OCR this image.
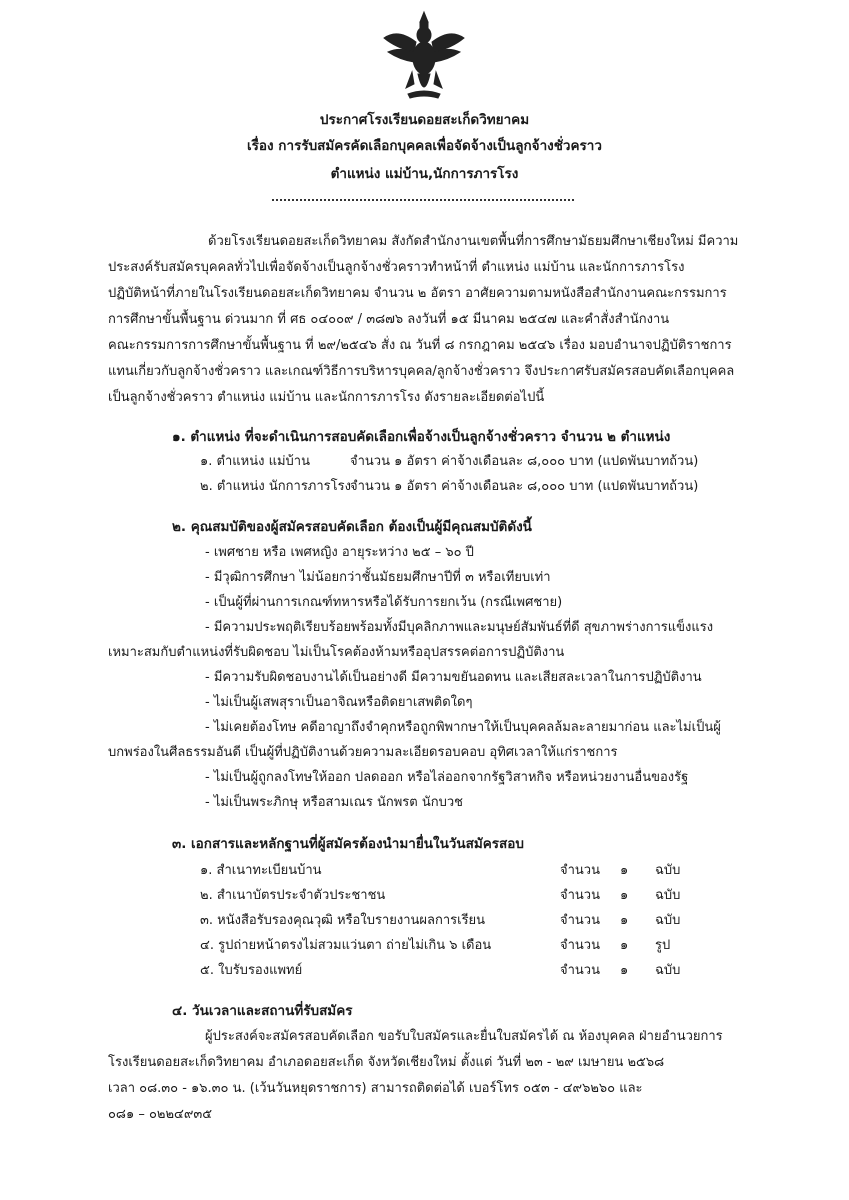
ประกาศโรงเรียนดอยสะเก็ดวิทยาคม
เรื่อง การรับสมัครคัดเลือกบุคคลเพื่อจัดจ้างเป็นลูกจ้างชั่วคราว
ตำแหน่ง แม่บ้าน,นักการภารโรง
ด้วยโรงเรียนดอยสะเก็ดวิทยาคม สังกัดสำนักงานเขตพื้นที่การศึกษามัธยมศึกษาเชียงใหม่ มีความ
ประสงค์รับสมัครบุคคลทั่วไปเพื่อจัดจ้างเป็นลูกจ้างชั่วคราวทำหน้าที่ ตำแหน่ง แม่บ้าน และนักการภารโรง
ปฏิบัติหน้าที่ภายในโรงเรียนดอยสะเก็ดวิทยาคม จำนวน ๒ อัตรา อาศัยความตามหนังสือสำนักงานคณะกรรมการ
การศึกษาขั้นพื้นฐาน ด่วนมาก ที่ ศธ ๐๔๐๐๙ / ๓๘๗๖ ลงวันที่ ๑๕ มีนาคม ๒๕๔๗ และคำสั่งสำนักงาน
คณะกรรมการการศึกษาขั้นพื้นฐาน ที่ ๒๙/๒๕๔๖ สั่ง ณ วันที่ ๘ กรกฎาคม ๒๕๔๖ เรื่อง มอบอำนาจปฏิบัติราชการ
แทนเกี่ยวกับลูกจ้างชั่วคราว และเกณฑ์วิธีการบริหารบุคคล/ลูกจ้างชั่วคราว จึงประกาศรับสมัครสอบคัดเลือกบุคคล
เป็นลูกจ้างชั่วคราว ตำแหน่ง แม่บ้าน และนักการภารโรง ดังรายละเอียดต่อไปนี้
๑. ตำแหน่ง ที่จะดำเนินการสอบคัดเลือกเพื่อจ้างเป็นลูกจ้างชั่วคราว จำนวน ๒ ตำแหน่ง
๑. ตำแหน่ง แม่บ้าน	จำนวน ๑ อัตรา ค่าจ้างเดือนละ ๘,๐๐๐ บาท (แปดพันบาทถ้วน)
๒. ตำแหน่ง นักการภารโรง จำนวน ๑ อัตรา ค่าจ้างเดือนละ ๘,๐๐๐ บาท (แปดพันบาทถ้วน)
๒. คุณสมบัติของผู้สมัครสอบคัดเลือก ต้องเป็นผู้มีคุณสมบัติดังนี้
- เพศชาย หรือ เพศหญิง อายุระหว่าง ๒๕ – ๖๐ ปี
- มีวุฒิการศึกษา ไม่น้อยกว่าชั้นมัธยมศึกษาปีที่ ๓ หรือเทียบเท่า
- เป็นผู้ที่ผ่านการเกณฑ์ทหารหรือได้รับการยกเว้น (กรณีเพศชาย)
- มีความประพฤติเรียบร้อยพร้อมทั้งมีบุคลิกภาพและมนุษย์สัมพันธ์ที่ดี สุขภาพร่างการแข็งแรง
เหมาะสมกับตำแหน่งที่รับผิดชอบ ไม่เป็นโรคต้องห้ามหรืออุปสรรคต่อการปฏิบัติงาน
- มีความรับผิดชอบงานได้เป็นอย่างดี มีความขยันอดทน และเสียสละเวลาในการปฏิบัติงาน
- ไม่เป็นผู้เสพสุราเป็นอาจิณหรือติดยาเสพติดใดๆ
- ไม่เคยต้องโทษ คดีอาญาถึงจำคุกหรือถูกพิพากษาให้เป็นบุคคลล้มละลายมาก่อน และไม่เป็นผู้
บกพร่องในศีลธรรมอันดี เป็นผู้ที่ปฏิบัติงานด้วยความละเอียดรอบคอบ อุทิศเวลาให้แก่ราชการ
- ไม่เป็นผู้ถูกลงโทษให้ออก ปลดออก หรือไล่ออกจากรัฐวิสาหกิจ หรือหน่วยงานอื่นของรัฐ
- ไม่เป็นพระภิกษุ หรือสามเณร นักพรต นักบวช
๓. เอกสารและหลักฐานที่ผู้สมัครต้องนำมายื่นในวันสมัครสอบ
๑. สำเนาทะเบียนบ้าน	จำนวน ๑ ฉบับ
๒. สำเนาบัตรประจำตัวประชาชน	จำนวน ๑ ฉบับ
๓. หนังสือรับรองคุณวุฒิ หรือใบรายงานผลการเรียน	จำนวน ๑ ฉบับ
๔. รูปถ่ายหน้าตรงไม่สวมแว่นตา ถ่ายไม่เกิน ๖ เดือน	จำนวน ๑ รูป
๕. ใบรับรองแพทย์	จำนวน ๑ ฉบับ
๔. วันเวลาและสถานที่รับสมัคร
ผู้ประสงค์จะสมัครสอบคัดเลือก ขอรับใบสมัครและยื่นใบสมัครได้ ณ ห้องบุคคล ฝ่ายอำนวยการ
โรงเรียนดอยสะเก็ดวิทยาคม อำเภอดอยสะเก็ด จังหวัดเชียงใหม่ ตั้งแต่ วันที่ ๒๓ - ๒๙ เมษายน ๒๕๖๘
เวลา ๐๘.๓๐ - ๑๖.๓๐ น. (เว้นวันหยุดราชการ) สามารถติดต่อได้ เบอร์โทร ๐๕๓ - ๔๙๖๒๖๐ และ
๐๘๑ – ๐๒๒๔๙๓๕
